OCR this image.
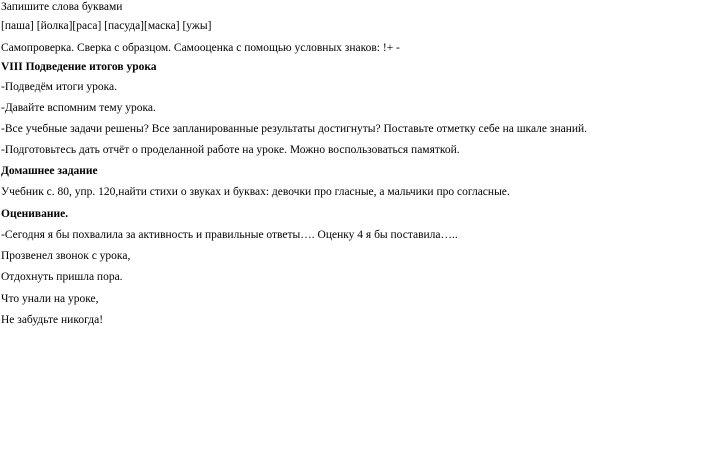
Запишите слова буквами

[паша] [йолка][раса] [пасуда][маска] [ужы]

Самопроверка. Сверка с образцом. Самооценка с помощью условных знаков: !+ -

VIII Подведение итогов урока

-Подведём итоги урока.

-Давайте вспомним тему урока.

-Все учебные задачи решены? Все запланированные результаты достигнуты? Поставьте отметку себе на шкале знаний.

-Подготовьтесь дать отчёт о проделанной работе на уроке. Можно воспользоваться памяткой.

Домашнее задание

Учебник с. 80, упр. 120,найти стихи о звуках и буквах: девочки про гласные, а мальчики про согласные.

Оценивание.

-Сегодня я бы похвалила за активность и правильные ответы…. Оценку 4 я бы поставила…..

Прозвенел звонок с урока,

Отдохнуть пришла пора.

Что унали на уроке,

Не забудьте никогда!
